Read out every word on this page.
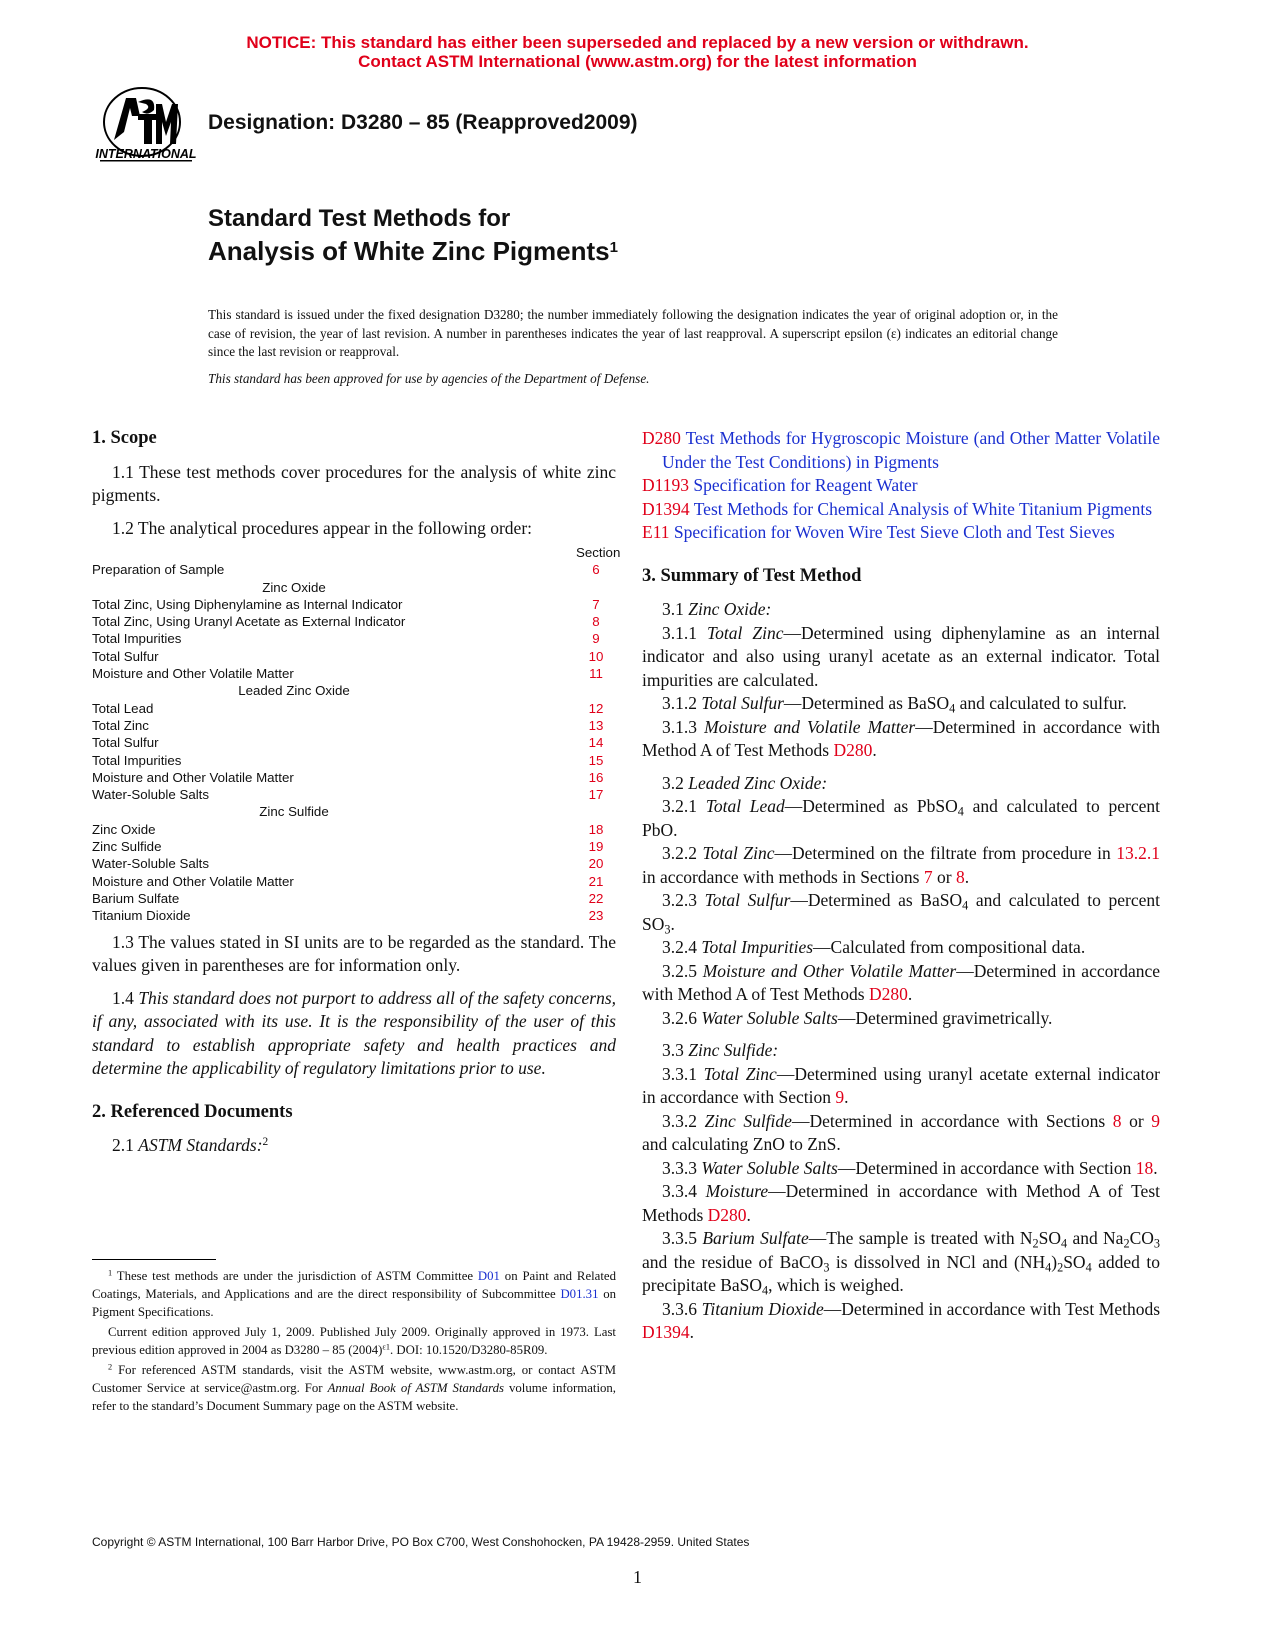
NOTICE: This standard has either been superseded and replaced by a new version or withdrawn.
Contact ASTM International (www.astm.org) for the latest information
INTERNATIONAL
Designation: D3280 – 85 (Reapproved2009)
Standard Test Methods for
Analysis of White Zinc Pigments$^1$
This standard is issued under the fixed designation D3280; the number immediately following the designation indicates the year of original adoption or, in the case of revision, the year of last revision. A number in parentheses indicates the year of last reapproval. A superscript epsilon (ε) indicates an editorial change since the last revision or reapproval.
This standard has been approved for use by agencies of the Department of Defense.
1. Scope
1.1 These test methods cover procedures for the analysis of white zinc pigments.
1.2 The analytical procedures appear in the following order:
Section
Preparation of Sample	6
Zinc Oxide
Total Zinc, Using Diphenylamine as Internal Indicator	7
Total Zinc, Using Uranyl Acetate as External Indicator	8
Total Impurities	9
Total Sulfur	10
Moisture and Other Volatile Matter	11
Leaded Zinc Oxide
Total Lead	12
Total Zinc	13
Total Sulfur	14
Total Impurities	15
Moisture and Other Volatile Matter	16
Water-Soluble Salts	17
Zinc Sulfide
Zinc Oxide	18
Zinc Sulfide	19
Water-Soluble Salts	20
Moisture and Other Volatile Matter	21
Barium Sulfate	22
Titanium Dioxide	23
1.3 The values stated in SI units are to be regarded as the standard. The values given in parentheses are for information only.
1.4 This standard does not purport to address all of the safety concerns, if any, associated with its use. It is the responsibility of the user of this standard to establish appropriate safety and health practices and determine the applicability of regulatory limitations prior to use.
2. Referenced Documents
2.1 ASTM Standards:$^2$
D280 Test Methods for Hygroscopic Moisture (and Other Matter Volatile Under the Test Conditions) in Pigments
D1193 Specification for Reagent Water
D1394 Test Methods for Chemical Analysis of White Titanium Pigments
E11 Specification for Woven Wire Test Sieve Cloth and Test Sieves
3. Summary of Test Method
3.1 Zinc Oxide:
3.1.1 Total Zinc—Determined using diphenylamine as an internal indicator and also using uranyl acetate as an external indicator. Total impurities are calculated.
3.1.2 Total Sulfur—Determined as BaSO$_4$ and calculated to sulfur.
3.1.3 Moisture and Volatile Matter—Determined in accordance with Method A of Test Methods D280.
3.2 Leaded Zinc Oxide:
3.2.1 Total Lead—Determined as PbSO$_4$ and calculated to percent PbO.
3.2.2 Total Zinc—Determined on the filtrate from procedure in 13.2.1 in accordance with methods in Sections 7 or 8.
3.2.3 Total Sulfur—Determined as BaSO$_4$ and calculated to percent $SO_3$.
3.2.4 Total Impurities—Calculated from compositional data.
3.2.5 Moisture and Other Volatile Matter—Determined in accordance with Method A of Test Methods D280.
3.2.6 Water Soluble Salts—Determined gravimetrically.
3.3 Zinc Sulfide:
3.3.1 Total Zinc—Determined using uranyl acetate external indicator in accordance with Section 9.
3.3.2 Zinc Sulfide—Determined in accordance with Sections 8 or 9 and calculating ZnO to ZnS.
3.3.3 Water Soluble Salts—Determined in accordance with Section 18.
3.3.4 Moisture—Determined in accordance with Method A of Test Methods D280.
3.3.5 Barium Sulfate—The sample is treated with $N_2SO_4$ and $Na_2CO_3$ and the residue of BaCO$_3$ is dissolved in NCl and $(NH_4)_2SO_4$ added to precipitate BaSO$_4$, which is weighed.
3.3.6 Titanium Dioxide—Determined in accordance with Test Methods D1394.

$^1$ These test methods are under the jurisdiction of ASTM Committee D01 on Paint and Related Coatings, Materials, and Applications and are the direct responsibility of Subcommittee D01.31 on Pigment Specifications.

Current edition approved July 1, 2009. Published July 2009. Originally approved in 1973. Last previous edition approved in 2004 as D3280 – 85 $(2004)^{\varepsilon 1}$. DOI: 10.1520/D3280-85R09.

$^2$ For referenced ASTM standards, visit the ASTM website, www.astm.org, or contact ASTM Customer Service at service@astm.org. For Annual Book of ASTM Standards volume information, refer to the standard’s Document Summary page on the ASTM website.

Copyright © ASTM International, 100 Barr Harbor Drive, PO Box C700, West Conshohocken, PA 19428-2959. United States
1
